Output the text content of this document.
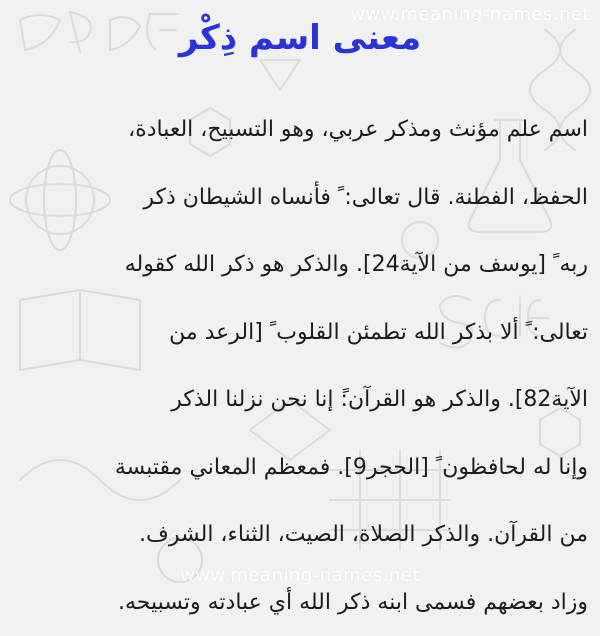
www.meaning-names.net
www.meaning-names.net
معنى اسم ذِكْر
اسم علم مؤنث ومذكر عربي، وهو التسبيح، العبادة،
الحفظ، الفطنة. قال تعالى: ً فأنساه الشيطان ذكر
ربه ً [يوسف من الآية24]. والذكر هو ذكر الله كقوله
تعالى: ً ألا بذكر الله تطمئن القلوب ً [الرعد من
الآية82]. والذكر هو القرآن:ً إنا نحن نزلنا الذكر
وإنا له لحافظون ً [الحجر9]. فمعظم المعاني مقتبسة
من القرآن. والذكر الصلاة، الصيت، الثناء، الشرف.
وزاد بعضهم فسمى ابنه ذكر الله أي عبادته وتسبيحه.
